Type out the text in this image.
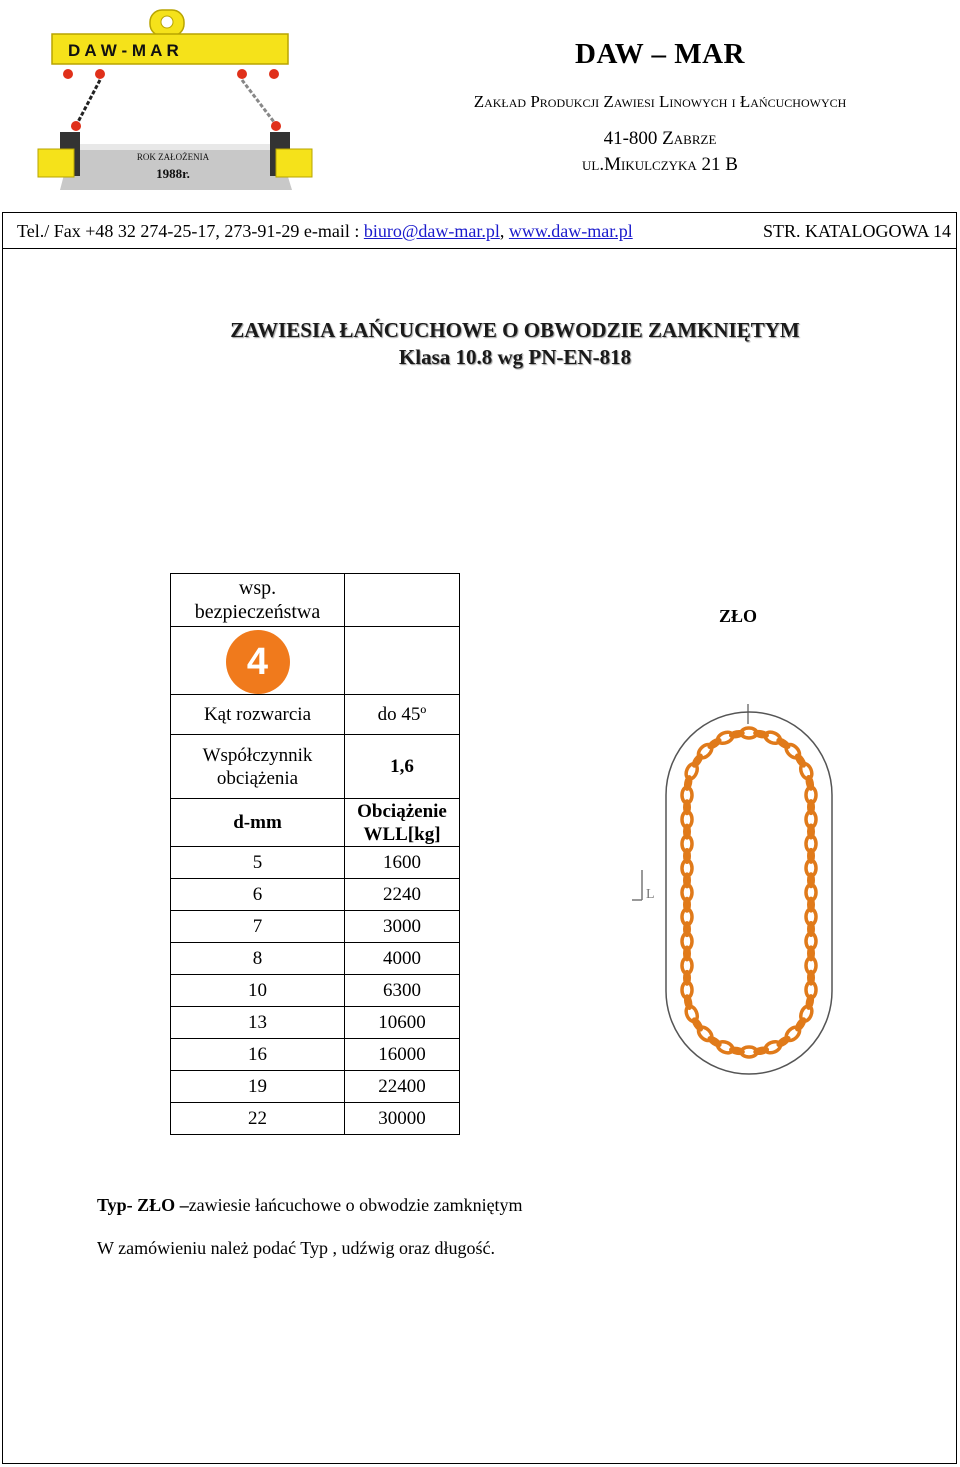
D A W - M A R
ROK ZAŁOŻENIA
1988r.
DAW – MAR
Zakład Produkcji Zawiesi Linowych i Łańcuchowych
41-800 Zabrze
ul.Mikulczyka 21 B
Tel./ Fax +48 32 274-25-17, 273-91-29 e-mail : biuro@daw-mar.pl, www.daw-mar.pl	STR. KATALOGOWA 14
ZAWIESIA ŁAŃCUCHOWE O OBWODZIE ZAMKNIĘTYM
Klasa 10.8 wg PN-EN-818
wsp.
bezpieczeństwa	
4	
Kąt rozwarcia	do 45º
Współczynnik
obciążenia	1,6
d-mm	Obciążenie
WLL[kg]
5	1600
6	2240
7	3000
8	4000
10	6300
13	10600
16	16000
19	22400
22	30000
ZŁO
L
Typ- ZŁO –zawiesie łańcuchowe o obwodzie zamkniętym
W zamówieniu należ podać Typ , udźwig oraz długość.
